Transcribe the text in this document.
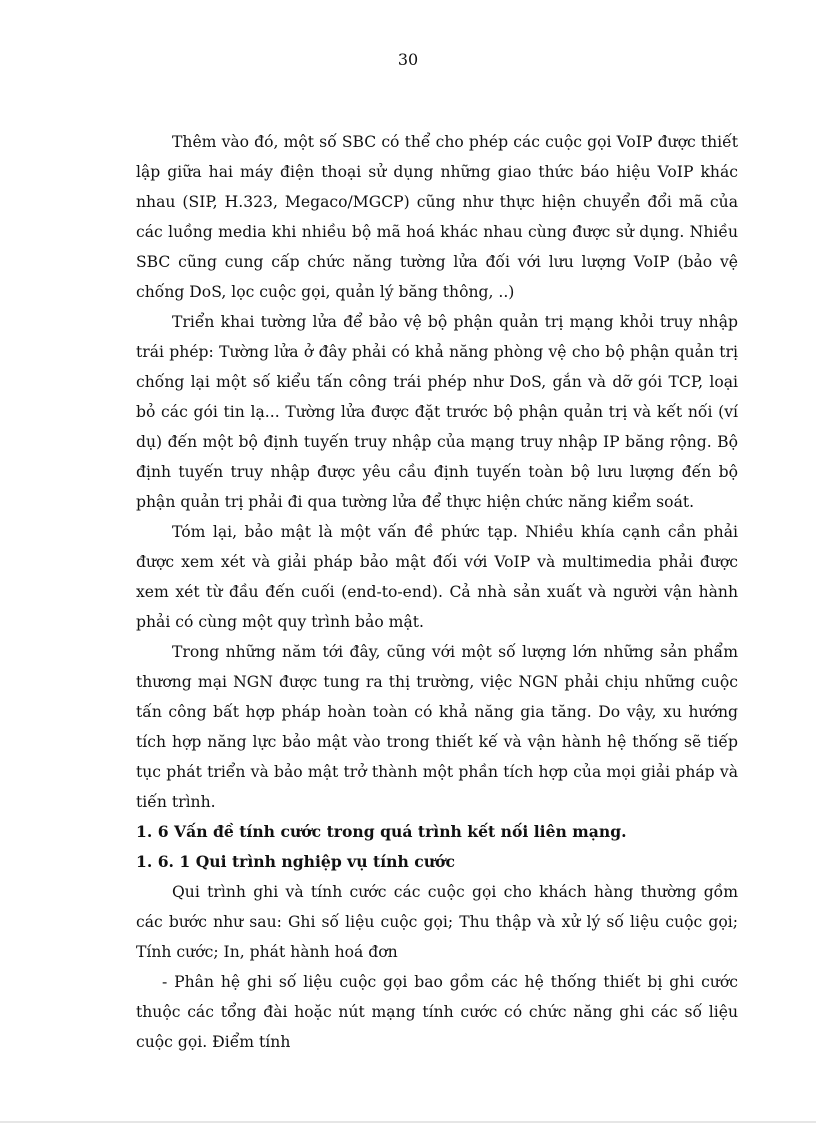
30

Thêm vào đó, một số SBC có thể cho phép các cuộc gọi VoIP được thiết lập giữa hai máy điện thoại sử dụng những giao thức báo hiệu VoIP khác nhau (SIP, H.323, Megaco/MGCP) cũng như thực hiện chuyển đổi mã của các luồng media khi nhiều bộ mã hoá khác nhau cùng được sử dụng. Nhiều SBC cũng cung cấp chức năng tường lửa đối với lưu lượng VoIP (bảo vệ chống DoS, lọc cuộc gọi, quản lý băng thông, ..)

Triển khai tường lửa để bảo vệ bộ phận quản trị mạng khỏi truy nhập trái phép: Tường lửa ở đây phải có khả năng phòng vệ cho bộ phận quản trị chống lại một số kiểu tấn công trái phép như DoS, gắn và dỡ gói TCP, loại bỏ các gói tin lạ... Tường lửa được đặt trước bộ phận quản trị và kết nối (ví dụ) đến một bộ định tuyến truy nhập của mạng truy nhập IP băng rộng. Bộ định tuyến truy nhập được yêu cầu định tuyến toàn bộ lưu lượng đến bộ phận quản trị phải đi qua tường lửa để thực hiện chức năng kiểm soát.

Tóm lại, bảo mật là một vấn đề phức tạp. Nhiều khía cạnh cần phải được xem xét và giải pháp bảo mật đối với VoIP và multimedia phải được xem xét từ đầu đến cuối (end-to-end). Cả nhà sản xuất và người vận hành phải có cùng một quy trình bảo mật.

Trong những năm tới đây, cũng với một số lượng lớn những sản phẩm thương mại NGN được tung ra thị trường, việc NGN phải chịu những cuộc tấn công bất hợp pháp hoàn toàn có khả năng gia tăng. Do vậy, xu hướng tích hợp năng lực bảo mật vào trong thiết kế và vận hành hệ thống sẽ tiếp tục phát triển và bảo mật trở thành một phần tích hợp của mọi giải pháp và tiến trình.

1. 6 Vấn đề tính cước trong quá trình kết nối liên mạng.
1. 6. 1 Qui trình nghiệp vụ tính cước

Qui trình ghi và tính cước các cuộc gọi cho khách hàng thường gồm các bước như sau: Ghi số liệu cuộc gọi; Thu thập và xử lý số liệu cuộc gọi; Tính cước; In, phát hành hoá đơn

- Phân hệ ghi số liệu cuộc gọi bao gồm các hệ thống thiết bị ghi cước thuộc các tổng đài hoặc nút mạng tính cước có chức năng ghi các số liệu cuộc gọi. Điểm tính
